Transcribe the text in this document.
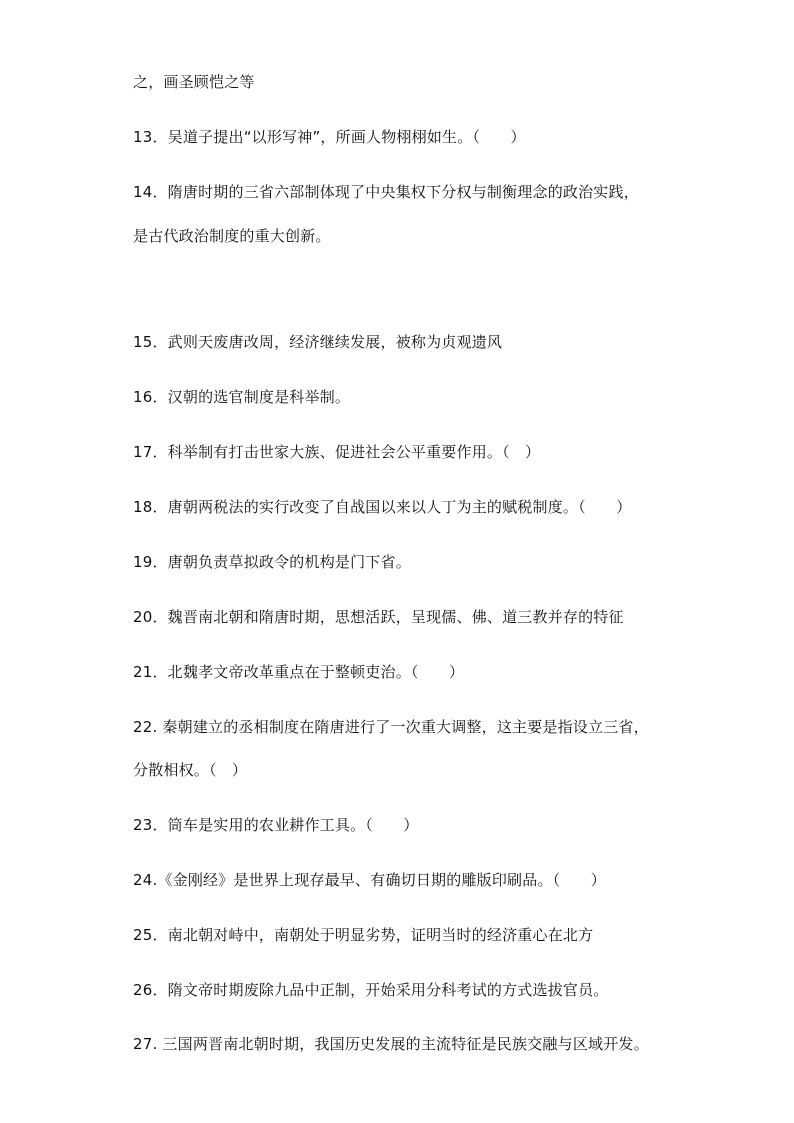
之，画圣顾恺之等
13．吴道子提出“以形写神”，所画人物栩栩如生。（　　）
14．隋唐时期的三省六部制体现了中央集权下分权与制衡理念的政治实践，
是古代政治制度的重大创新。
15．武则天废唐改周，经济继续发展，被称为贞观遗风
16．汉朝的选官制度是科举制。
17．科举制有打击世家大族、促进社会公平重要作用。（　）
18．唐朝两税法的实行改变了自战国以来以人丁为主的赋税制度。（　　）
19．唐朝负责草拟政令的机构是门下省。
20．魏晋南北朝和隋唐时期，思想活跃，呈现儒、佛、道三教并存的特征
21．北魏孝文帝改革重点在于整顿吏治。（　　）
22. 秦朝建立的丞相制度在隋唐进行了一次重大调整，这主要是指设立三省，
分散相权。（　）
23．筒车是实用的农业耕作工具。（　　）
24.《金刚经》是世界上现存最早、有确切日期的雕版印刷品。（　　）
25．南北朝对峙中，南朝处于明显劣势，证明当时的经济重心在北方
26．隋文帝时期废除九品中正制，开始采用分科考试的方式选拔官员。
27. 三国两晋南北朝时期，我国历史发展的主流特征是民族交融与区域开发。
